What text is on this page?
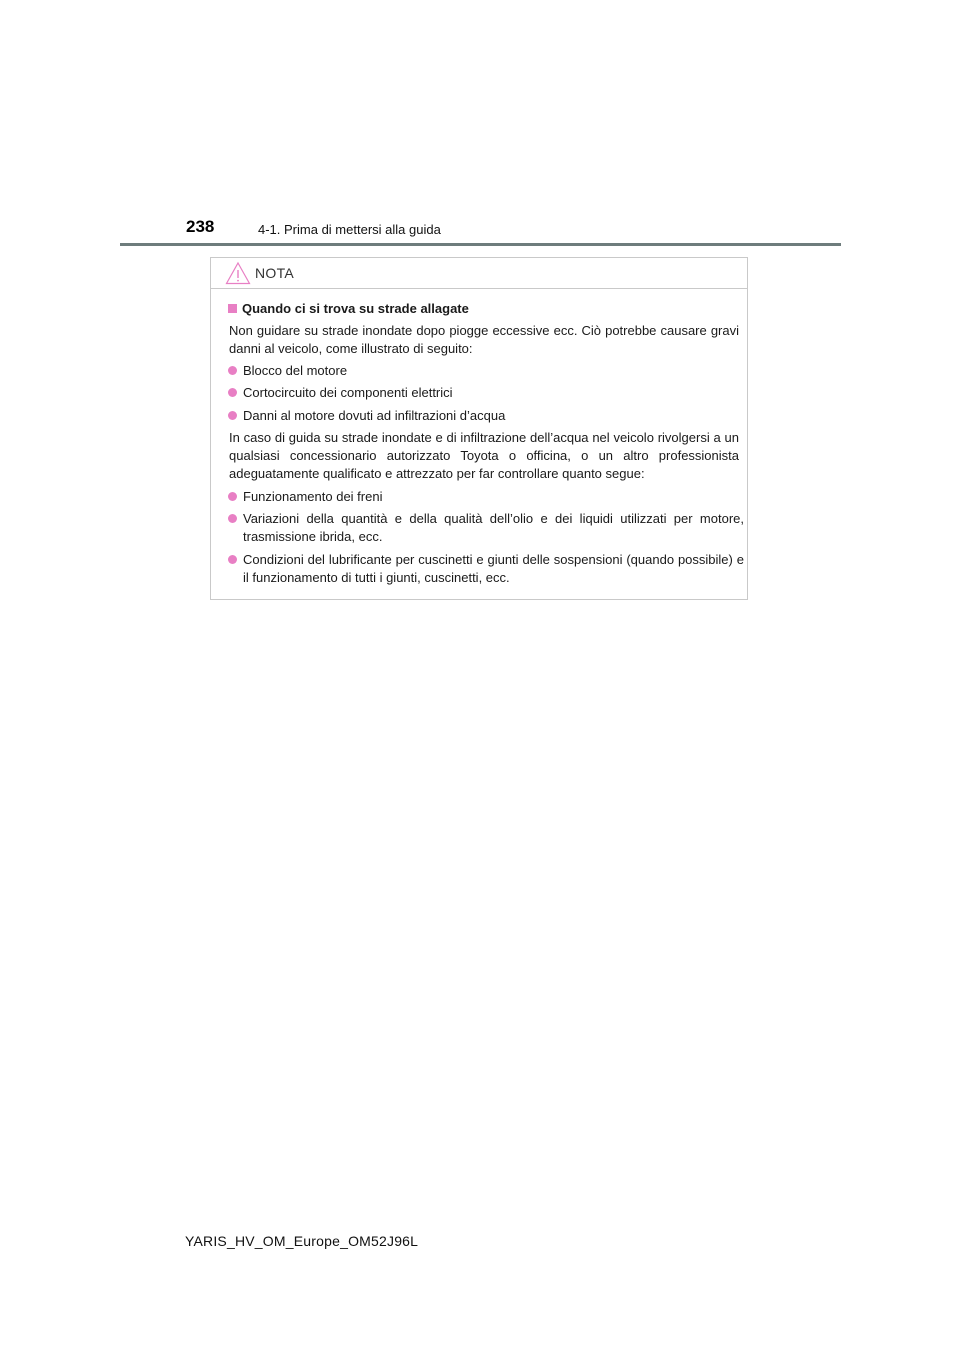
238	4-1. Prima di mettersi alla guida
NOTA
Quando ci si trova su strade allagate
Non guidare su strade inondate dopo piogge eccessive ecc. Ciò potrebbe causare gravi danni al veicolo, come illustrato di seguito:
Blocco del motore
Cortocircuito dei componenti elettrici
Danni al motore dovuti ad infiltrazioni d’acqua
In caso di guida su strade inondate e di infiltrazione dell’acqua nel veicolo rivolgersi a un qualsiasi concessionario autorizzato Toyota o officina, o un altro professionista adeguatamente qualificato e attrezzato per far controllare quanto segue:
Funzionamento dei freni
Variazioni della quantità e della qualità dell’olio e dei liquidi utilizzati per motore, trasmissione ibrida, ecc.
Condizioni del lubrificante per cuscinetti e giunti delle sospensioni (quando possibile) e il funzionamento di tutti i giunti, cuscinetti, ecc.
YARIS_HV_OM_Europe_OM52J96L
